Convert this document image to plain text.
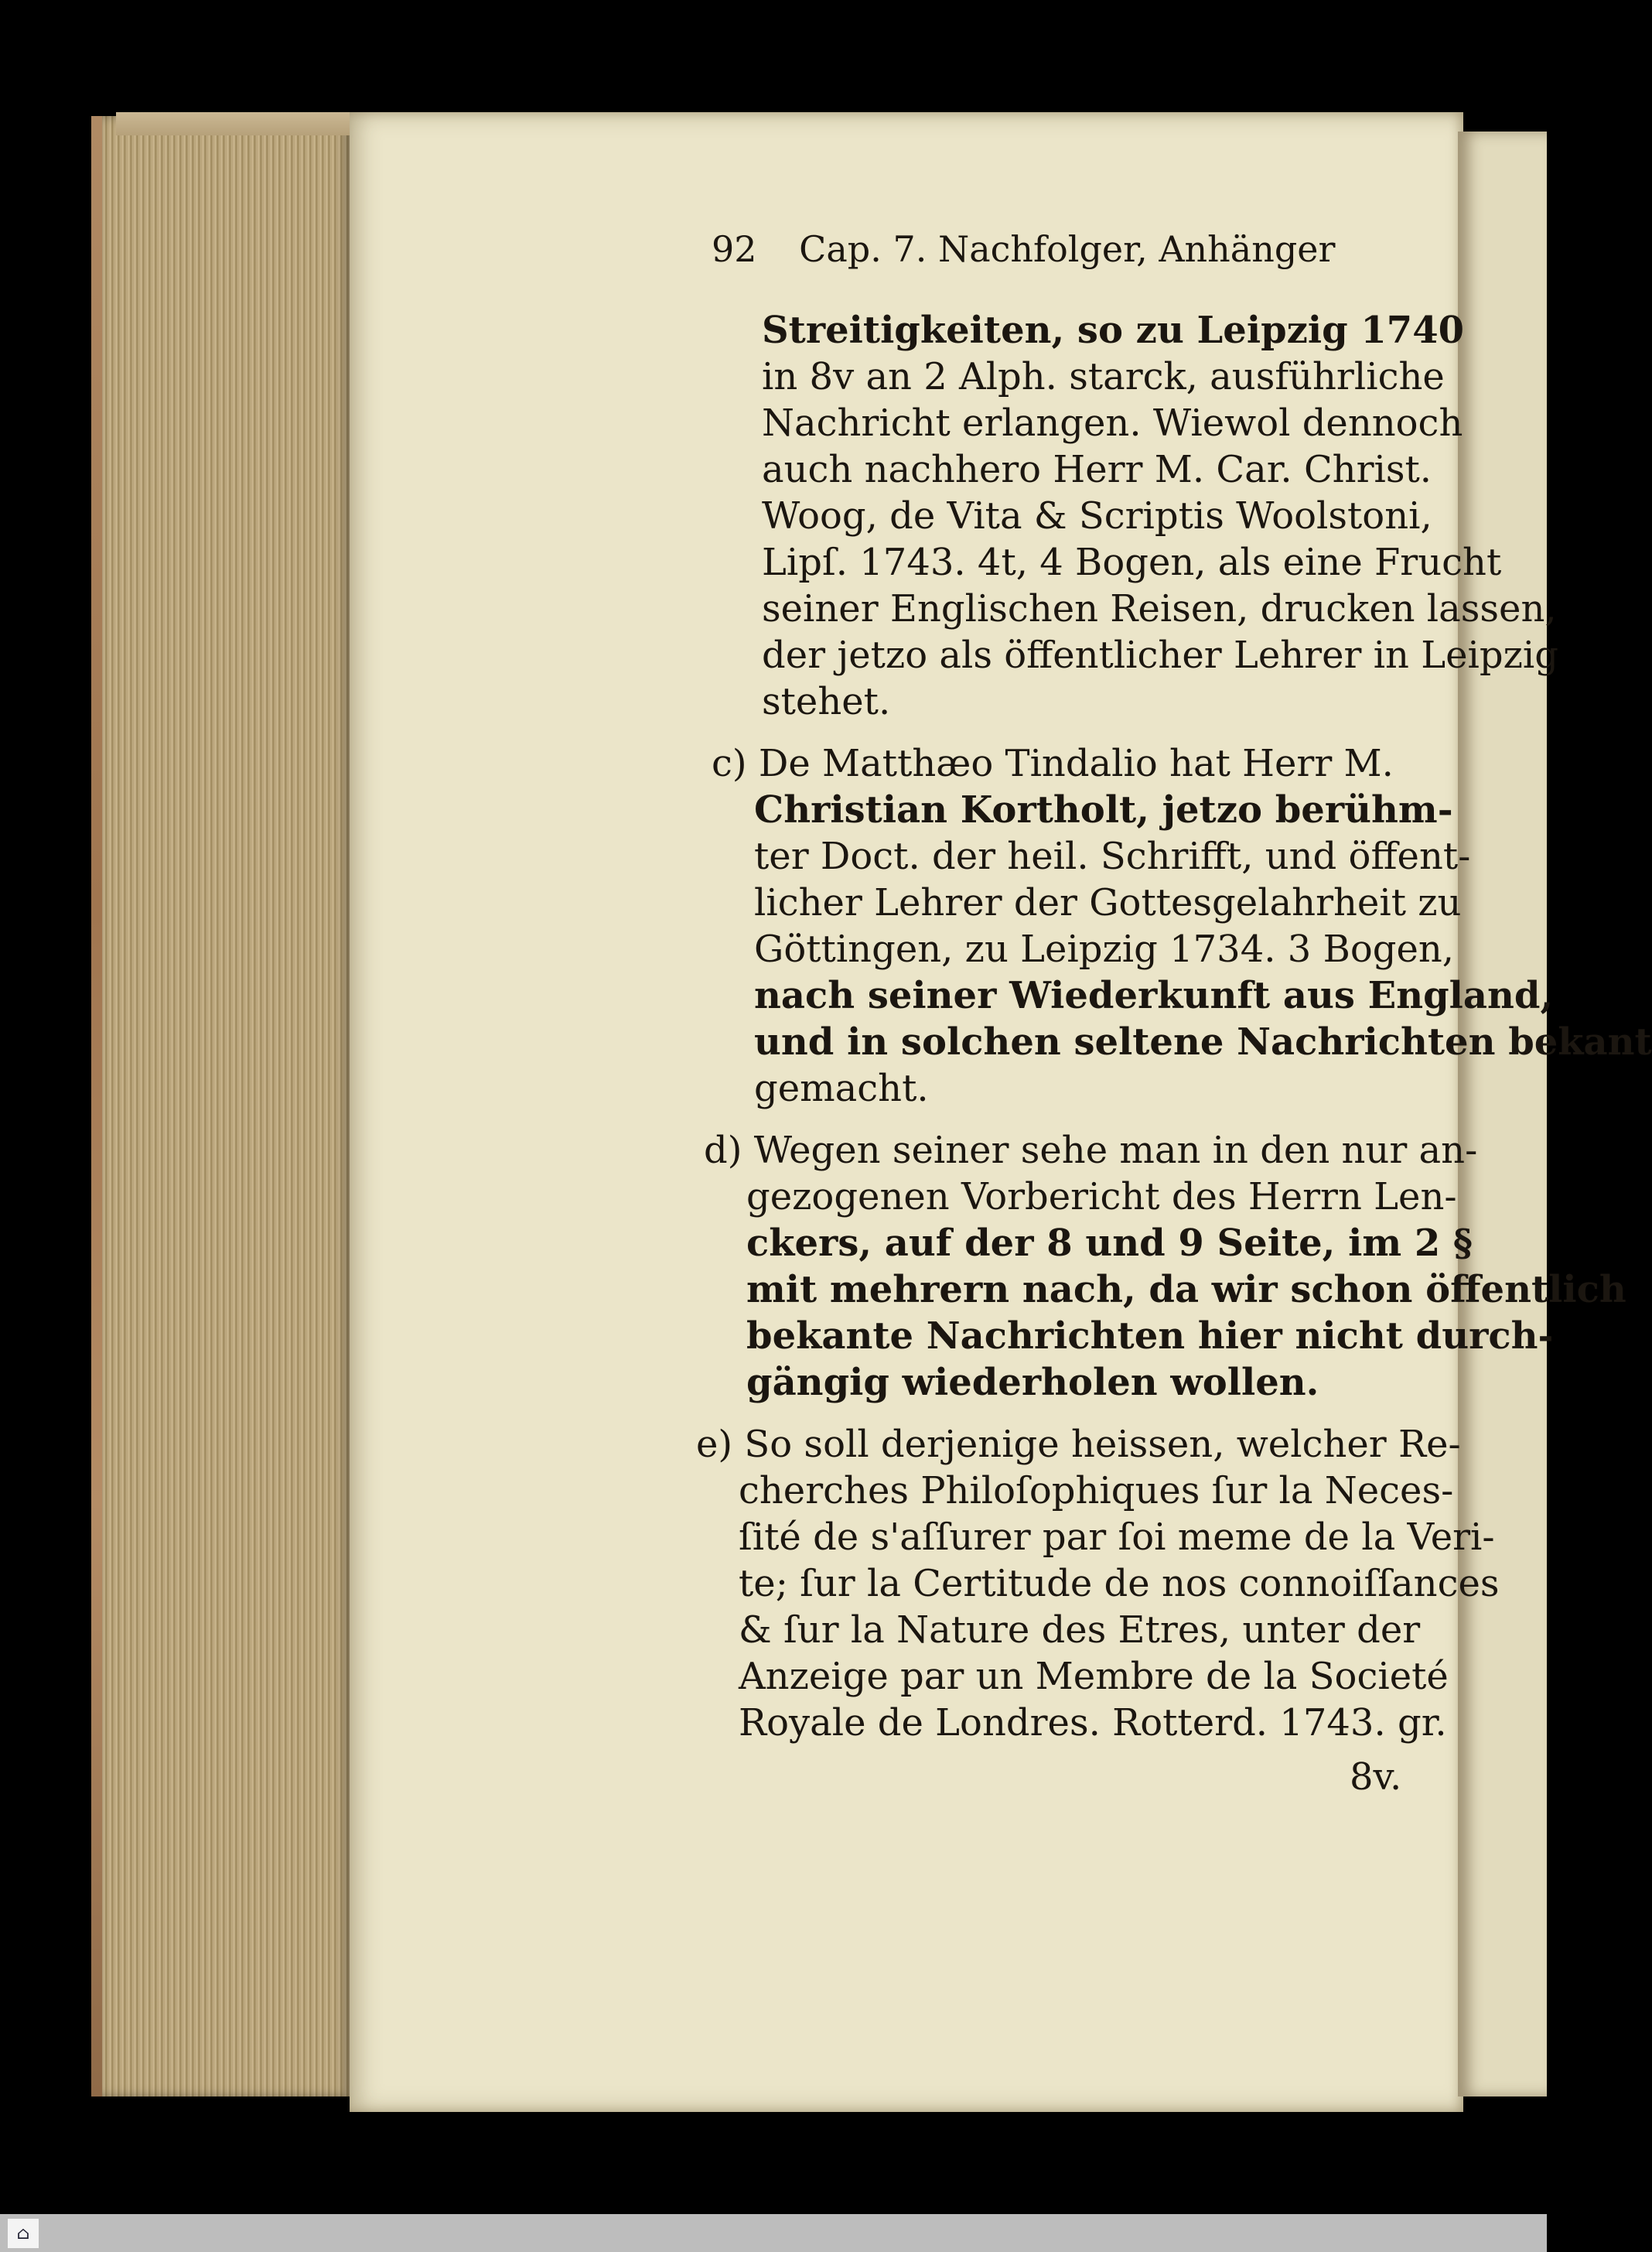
92 Cap. 7. Nachfolger, Anhänger
Streitigkeiten, so zu Leipzig 1740
in 8v an 2 Alph. starck, ausführliche
Nachricht erlangen. Wiewol dennoch
auch nachhero Herr M. Car. Christ.
Woog, de Vita & Scriptis Woolstoni,
Lipſ. 1743. 4t, 4 Bogen, als eine Frucht
seiner Englischen Reisen, drucken lassen,
der jetzo als öffentlicher Lehrer in Leipzig
stehet.
c) De Matthæo Tindalio hat Herr M.
Christian Kortholt, jetzo berühm-
ter Doct. der heil. Schrifft, und öffent-
licher Lehrer der Gottesgelahrheit zu
Göttingen, zu Leipzig 1734. 3 Bogen,
nach seiner Wiederkunft aus England,
und in solchen seltene Nachrichten bekant
gemacht.
d) Wegen seiner sehe man in den nur an-
gezogenen Vorbericht des Herrn Len-
ckers, auf der 8 und 9 Seite, im 2 §
mit mehrern nach, da wir schon öffentlich
bekante Nachrichten hier nicht durch-
gängig wiederholen wollen.
e) So soll derjenige heissen, welcher Re-
cherches Philoſophiques ſur la Neces-
ſité de s'aſſurer par ſoi meme de la Veri-
te; ſur la Certitude de nos connoiſſances
& ſur la Nature des Etres, unter der
Anzeige par un Membre de la Societé
Royale de Londres. Rotterd. 1743. gr.
8v.
⌂
